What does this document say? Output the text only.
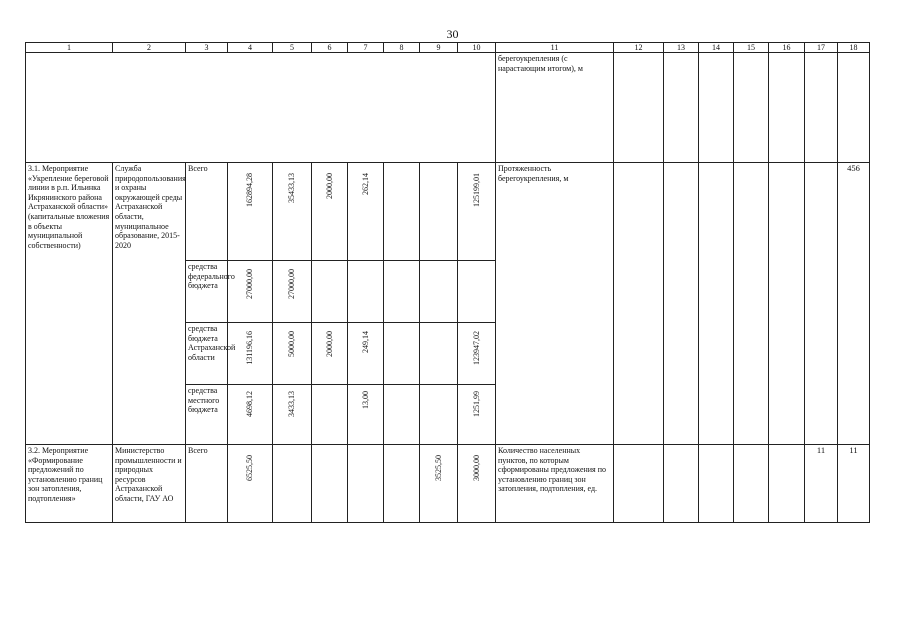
30
1	2	3	4	5	6	7	8	9	10	11	12	13	14	15	16	17	18
										берегоукрепления (с нарастающим итогом), м							
3.1. Мероприятие «Укрепление береговой линии в р.п. Ильинка Икрянинского района Астраханской области» (капитальные вложения в объекты муниципальной собственности)	Служба природопользования и охраны окружающей среды Астраханской области, муниципальное образование, 2015-2020	Всего	162894,28	35433,13	2000,00	262,14			125199,01	Протяженность берегоукрепления, м							456
		средства федерального бюджета	27000,00	27000,00													

		средства бюджета Астраханской области	131196,16	5000,00	2000,00	249,14			123947,02								

		средства местного бюджета	4698,12	3433,13		13,00			1251,99								

3.2. Мероприятие «Формирование предложений по установлению границ зон затопления, подтопления»	Министерство промышленности и природных ресурсов Астраханской области, ГАУ АО	Всего	6525,50					3525,50	3000,00	Количество населенных пунктов, по которым сформированы предложения по установлению границ зон затопления, подтопления, ед.						11	11
